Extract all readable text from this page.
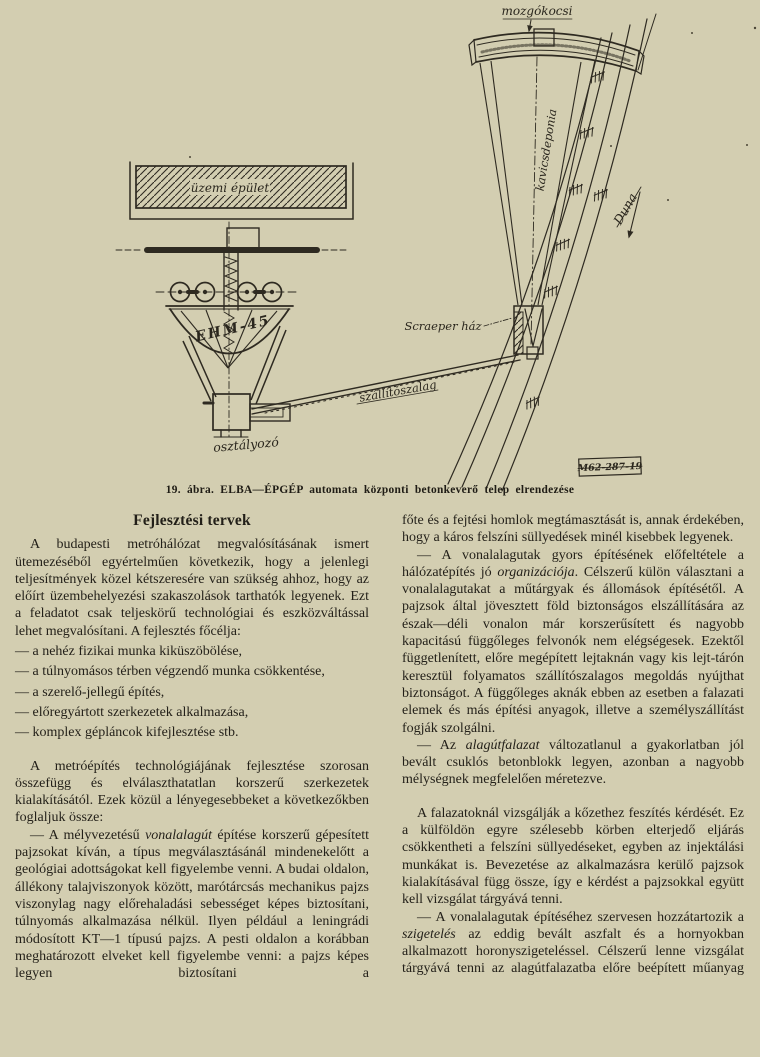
üzemi épület
EHM-45
osztályozó
szállítószalag
Scraeper ház
mozgókocsi
kavicsdeponia
Duna
M62-287-19
19. ábra. ELBA—ÉPGÉP automata központi betonkeverő telep elrendezése
Fejlesztési tervek

A budapesti metróhálózat megvalósításának ismert ütemezéséből egyértelműen következik, hogy a jelenlegi teljesítmények közel kétszeresére van szükség ahhoz, hogy az előírt üzembehelyezési szakaszolások tarthatók legyenek. Ezt a feladatot csak teljeskörű technológiai és eszközváltással lehet megvalósítani. A fejlesztés főcélja:

— a nehéz fizikai munka kiküszöbölése,

— a túlnyomásos térben végzendő munka csökkentése,

— a szerelő-jellegű építés,

— előregyártott szerkezetek alkalmazása,

— komplex gépláncok kifejlesztése stb.

A metróépítés technológiájának fejlesztése szorosan összefügg és elválaszthatatlan korszerű szerkezetek kialakításától. Ezek közül a lényegesebbeket a következőkben foglaljuk össze:

— A mélyvezetésű vonalalagút építése korszerű gépesített pajzsokat kíván, a típus megválasztásánál mindenekelőtt a geológiai adottságokat kell figyelembe venni. A budai oldalon, állékony talajviszonyok között, marótárcsás mechanikus pajzs viszonylag nagy előrehaladási sebességet képes biztosítani, túlnyomás alkalmazása nélkül. Ilyen például a leningrádi módosított KT—1 típusú pajzs. A pesti oldalon a korábban meghatározott elveket kell figyelembe venni: a pajzs képes legyen biztosítani a

főte és a fejtési homlok megtámasztását is, annak érdekében, hogy a káros felszíni süllyedések minél kisebbek legyenek.

— A vonalalagutak gyors építésének előfeltétele a hálózatépítés jó organizációja. Célszerű külön választani a vonalalagutakat a műtárgyak és állomások építésétől. A pajzsok által jövesztett föld biztonságos elszállítására az észak—déli vonalon már korszerűsített és nagyobb kapacitású függőleges felvonók nem elégségesek. Ezektől függetlenített, előre megépített lejtaknán vagy kis lejt-tárón keresztül folyamatos szállítószalagos megoldás nyújthat biztonságot. A függőleges aknák ebben az esetben a falazati elemek és más építési anyagok, illetve a személyszállítást fogják szolgálni.

— Az alagútfalazat változatlanul a gyakorlatban jól bevált csuklós betonblokk legyen, azonban a nagyobb mélységnek megfelelően méretezve.

A falazatoknál vizsgálják a kőzethez feszítés kérdését. Ez a külföldön egyre szélesebb körben elterjedő eljárás csökkentheti a felszíni süllyedéseket, egyben az injektálási munkákat is. Bevezetése az alkalmazásra kerülő pajzsok kialakításával függ össze, így e kérdést a pajzsokkal együtt kell vizsgálat tárgyává tenni.

— A vonalalagutak építéséhez szervesen hozzátartozik a szigetelés az eddig bevált aszfalt és a hornyokban alkalmazott horonyszigeteléssel. Célszerű lenne vizsgálat tárgyává tenni az alagútfalazatba előre beépített műanyag
